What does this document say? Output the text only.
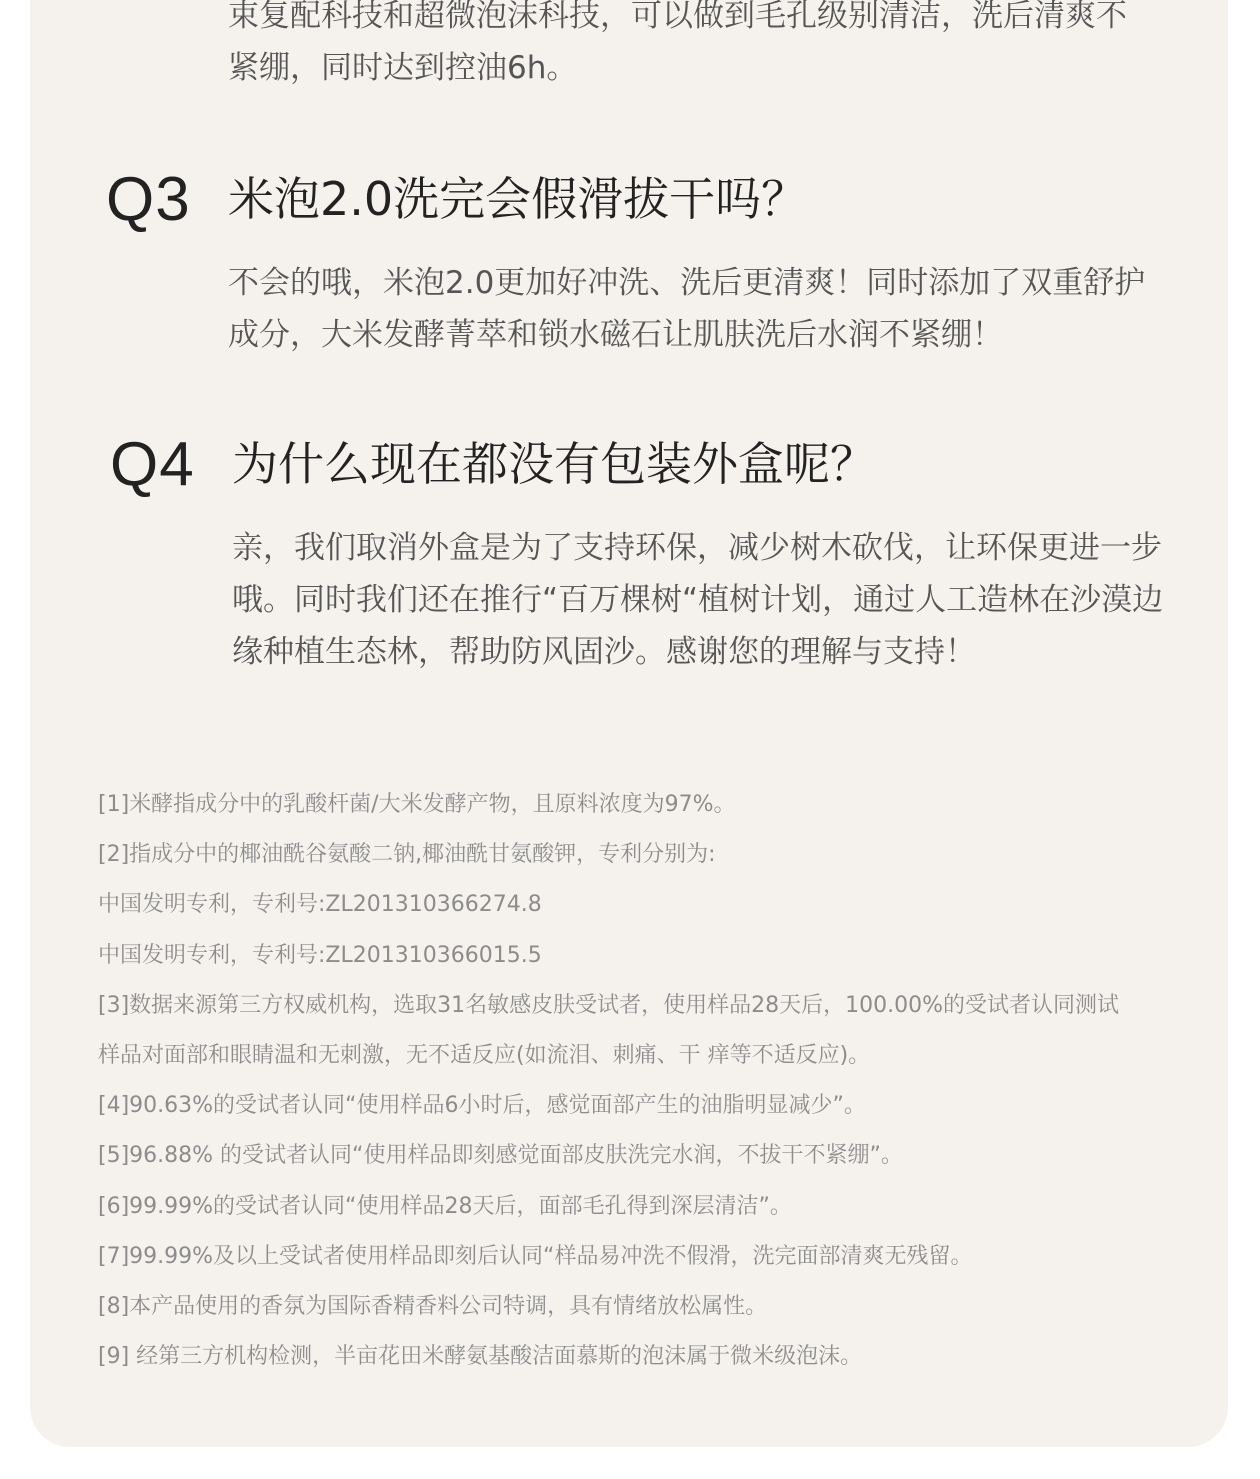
束复配科技和超微泡沫科技，可以做到毛孔级别清洁，洗后清爽不紧绷，同时达到控油6h。

Q3 米泡2.0洗完会假滑拔干吗？

不会的哦，米泡2.0更加好冲洗、洗后更清爽！同时添加了双重舒护成分，大米发酵菁萃和锁水磁石让肌肤洗后水润不紧绷！

Q4 为什么现在都没有包装外盒呢？

亲，我们取消外盒是为了支持环保，减少树木砍伐，让环保更进一步哦。同时我们还在推行“百万棵树“植树计划，通过人工造林在沙漠边缘种植生态林，帮助防风固沙。感谢您的理解与支持！

[1]米酵指成分中的乳酸杆菌/大米发酵产物，且原料浓度为97%。
[2]指成分中的椰油酰谷氨酸二钠,椰油酰甘氨酸钾，专利分别为:
中国发明专利，专利号:ZL201310366274.8
中国发明专利，专利号:ZL201310366015.5
[3]数据来源第三方权威机构，选取31名敏感皮肤受试者，使用样品28天后，100.00%的受试者认同测试
样品对面部和眼睛温和无刺激，无不适反应(如流泪、刺痛、干 痒等不适反应)。
[4]90.63%的受试者认同“使用样品6小时后，感觉面部产生的油脂明显减少”。
[5]96.88% 的受试者认同“使用样品即刻感觉面部皮肤洗完水润，不拔干不紧绷”。
[6]99.99%的受试者认同“使用样品28天后，面部毛孔得到深层清洁”。
[7]99.99%及以上受试者使用样品即刻后认同“样品易冲洗不假滑，洗完面部清爽无残留。
[8]本产品使用的香氛为国际香精香料公司特调，具有情绪放松属性。
[9] 经第三方机构检测，半亩花田米酵氨基酸洁面慕斯的泡沫属于微米级泡沫。
